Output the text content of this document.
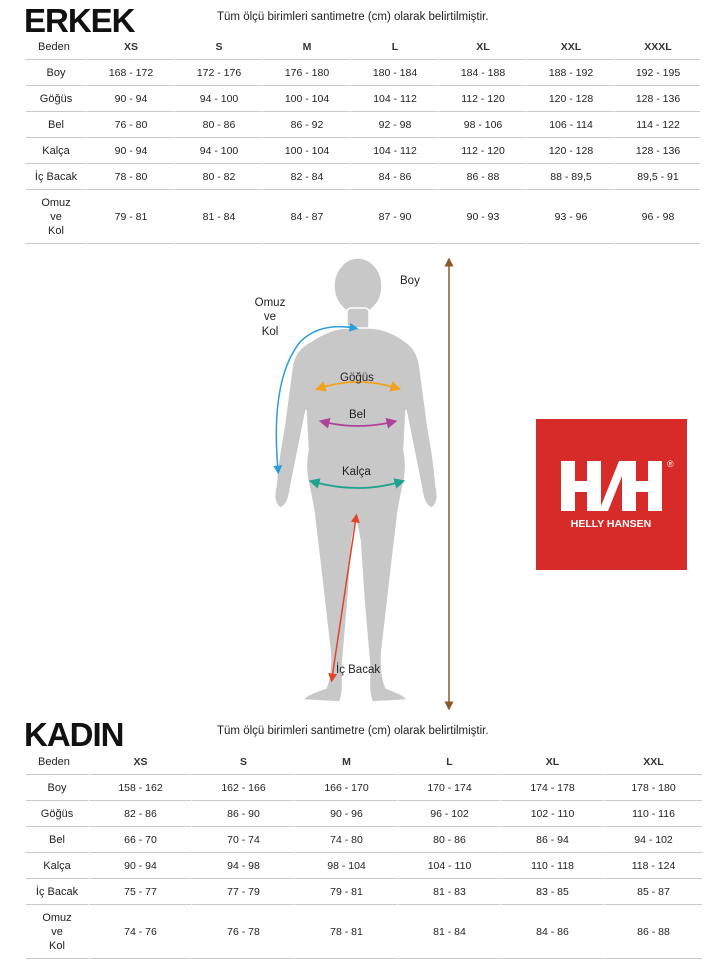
ERKEK	Tüm ölçü birimleri santimetre (cm) olarak belirtilmiştir.
Beden	XS	S	M	L	XL	XXL	XXXL
Boy	168 - 172	172 - 176	176 - 180	180 - 184	184 - 188	188 - 192	192 - 195
Göğüs	90 - 94	94 - 100	100 - 104	104 - 112	112 - 120	120 - 128	128 - 136
Bel	76 - 80	80 - 86	86 - 92	92 - 98	98 - 106	106 - 114	114 - 122
Kalça	90 - 94	94 - 100	100 - 104	104 - 112	112 - 120	120 - 128	128 - 136
İç Bacak	78 - 80	80 - 82	82 - 84	84 - 86	86 - 88	88 - 89,5	89,5 - 91

Omuz
ve
Kol	79 - 81	81 - 84	84 - 87	87 - 90	90 - 93	93 - 96	96 - 98
Boy
Omuz
ve
Kol
Göğüs
Bel
Kalça
İç Bacak
®
HELLY HANSEN
KADIN	Tüm ölçü birimleri santimetre (cm) olarak belirtilmiştir.
Beden	XS	S	M	L	XL	XXL
Boy	158 - 162	162 - 166	166 - 170	170 - 174	174 - 178	178 - 180
Göğüs	82 - 86	86 - 90	90 - 96	96 - 102	102 - 110	110 - 116
Bel	66 - 70	70 - 74	74 - 80	80 - 86	86 - 94	94 - 102
Kalça	90 - 94	94 - 98	98 - 104	104 - 110	110 - 118	118 - 124
İç Bacak	75 - 77	77 - 79	79 - 81	81 - 83	83 - 85	85 - 87

Omuz
ve
Kol	74 - 76	76 - 78	78 - 81	81 - 84	84 - 86	86 - 88
